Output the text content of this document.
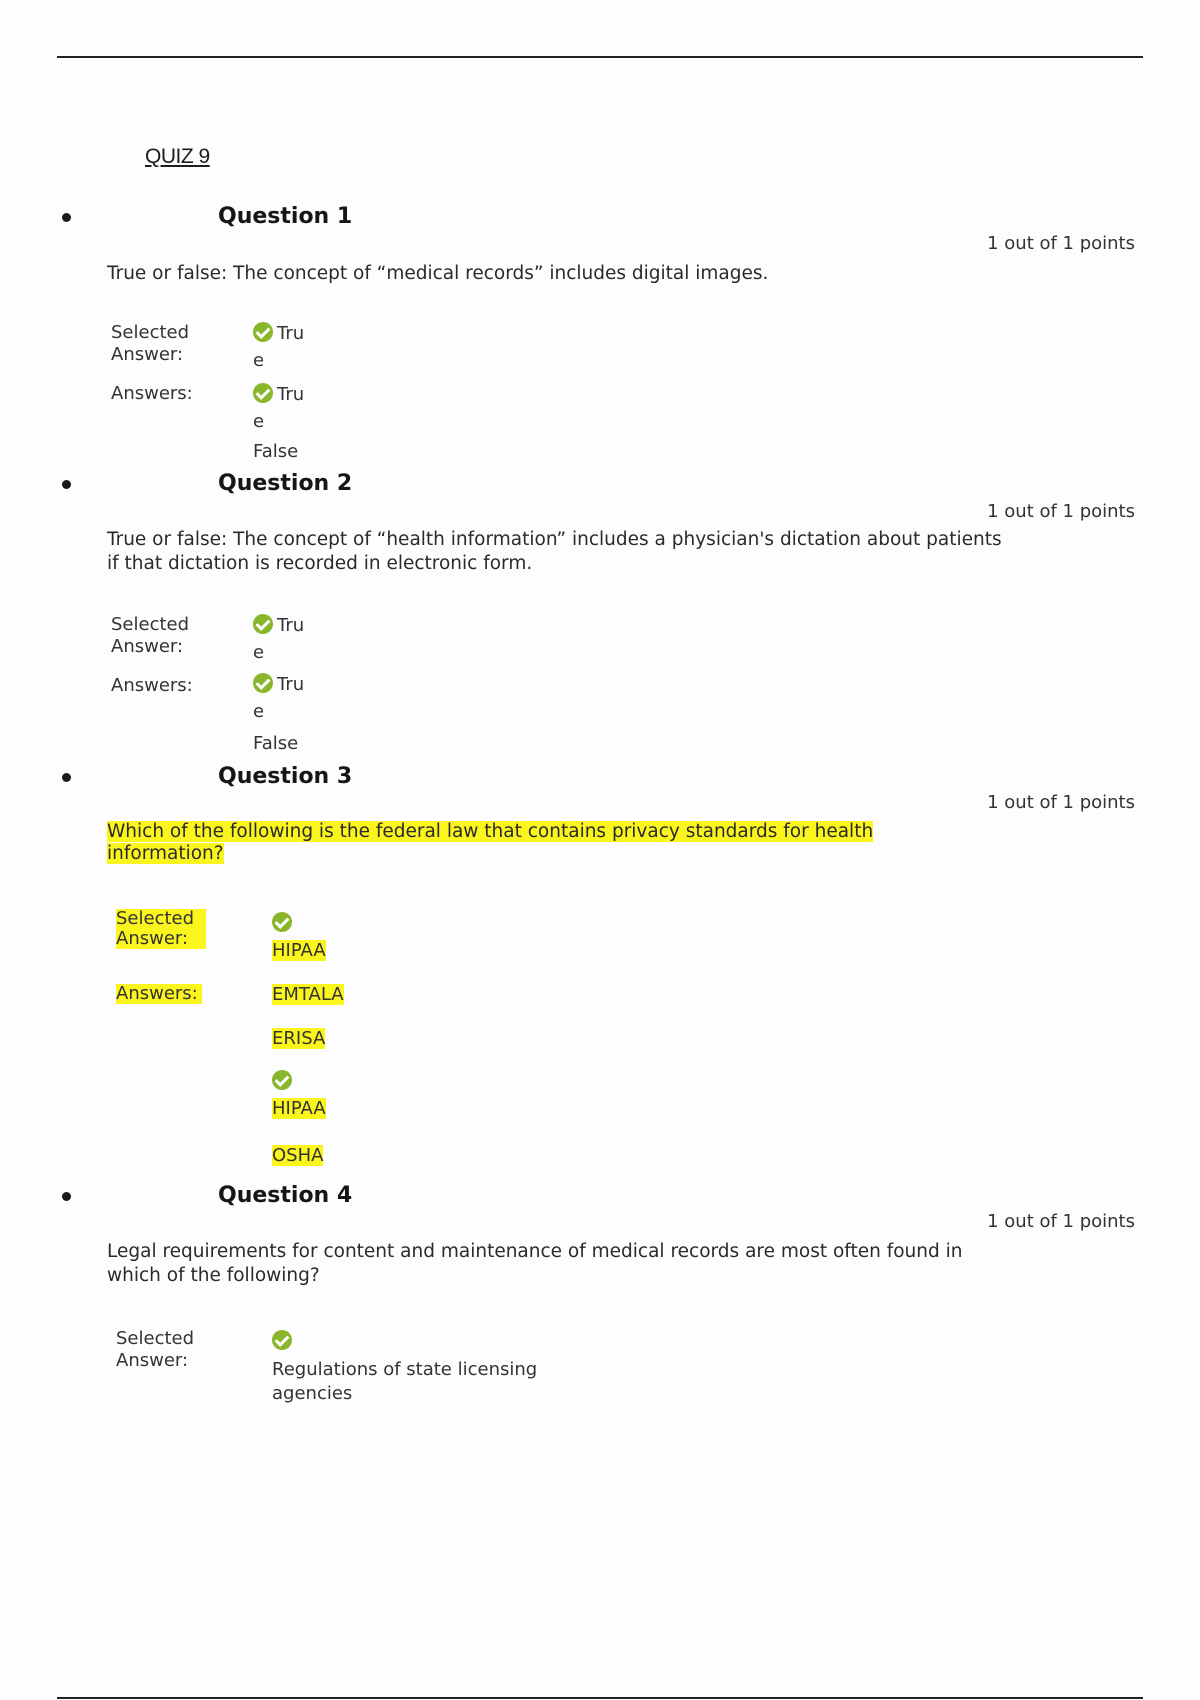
QUIZ 9
Question 1
1 out of 1 points
True or false: The concept of “medical records” includes digital images.
Selected Answer:
True
Answers:	True
False
Question 2
1 out of 1 points
True or false: The concept of “health information” includes a physician's dictation about patients if that dictation is recorded in electronic form.
Selected Answer:
True
Answers:	True
False
Question 3
1 out of 1 points
Which of the following is the federal law that contains privacy standards for health information?
Selected Answer:
HIPAA
Answers:	EMTALA
ERISA
HIPAA
OSHA
Question 4
1 out of 1 points
Legal requirements for content and maintenance of medical records are most often found in which of the following?
Selected Answer:	Regulations of state licensing agencies
